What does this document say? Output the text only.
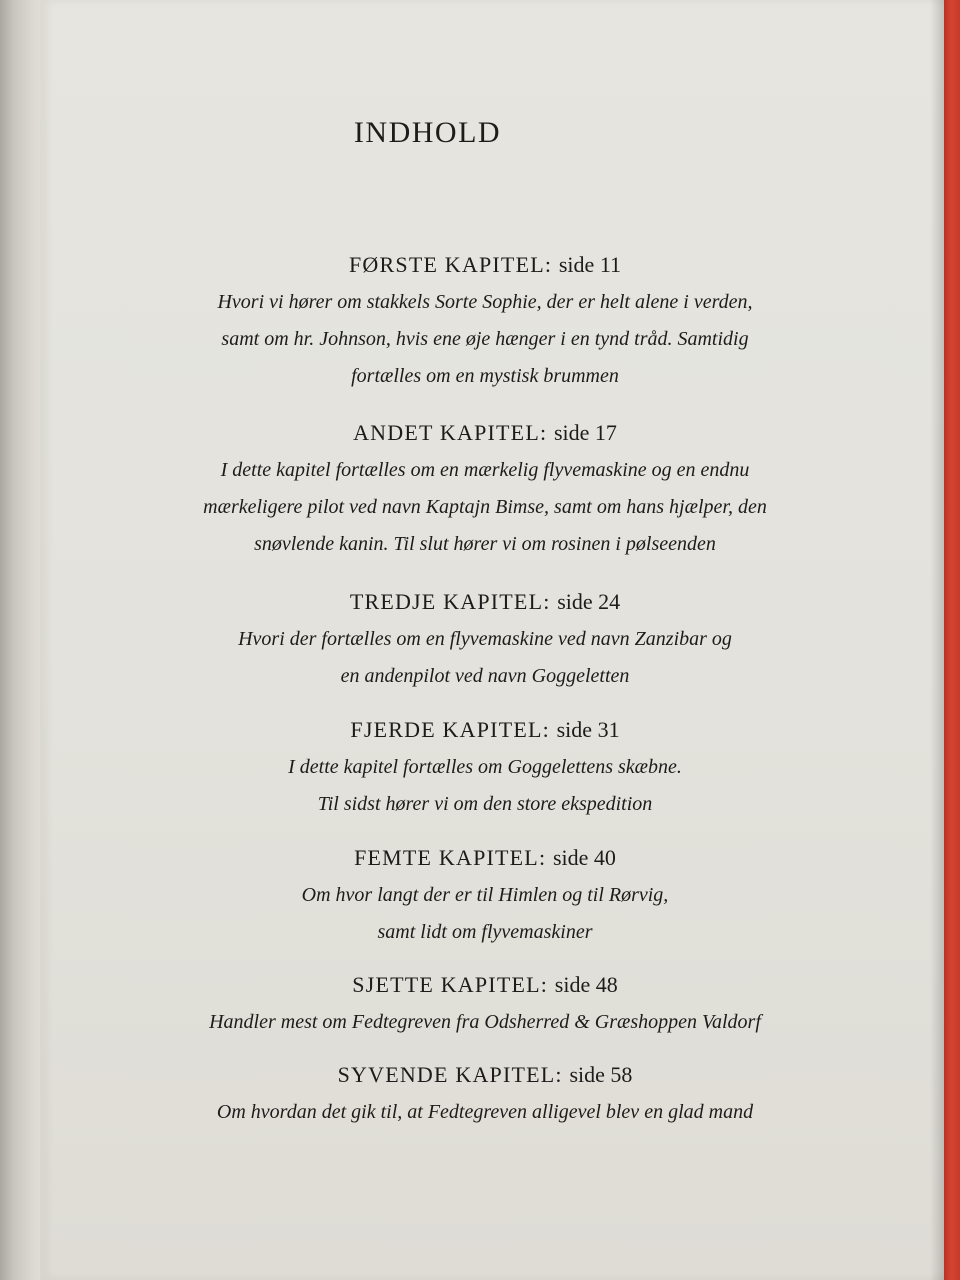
INDHOLD
FØRSTE KAPITEL: side 11
Hvori vi hører om stakkels Sorte Sophie, der er helt alene i verden,
samt om hr. Johnson, hvis ene øje hænger i en tynd tråd. Samtidig
fortælles om en mystisk brummen
ANDET KAPITEL: side 17
I dette kapitel fortælles om en mærkelig flyvemaskine og en endnu
mærkeligere pilot ved navn Kaptajn Bimse, samt om hans hjælper, den
snøvlende kanin. Til slut hører vi om rosinen i pølseenden
TREDJE KAPITEL: side 24
Hvori der fortælles om en flyvemaskine ved navn Zanzibar og
en andenpilot ved navn Goggeletten
FJERDE KAPITEL: side 31
I dette kapitel fortælles om Goggelettens skæbne.
Til sidst hører vi om den store ekspedition
FEMTE KAPITEL: side 40
Om hvor langt der er til Himlen og til Rørvig,
samt lidt om flyvemaskiner
SJETTE KAPITEL: side 48
Handler mest om Fedtegreven fra Odsherred & Græshoppen Valdorf
SYVENDE KAPITEL: side 58
Om hvordan det gik til, at Fedtegreven alligevel blev en glad mand
